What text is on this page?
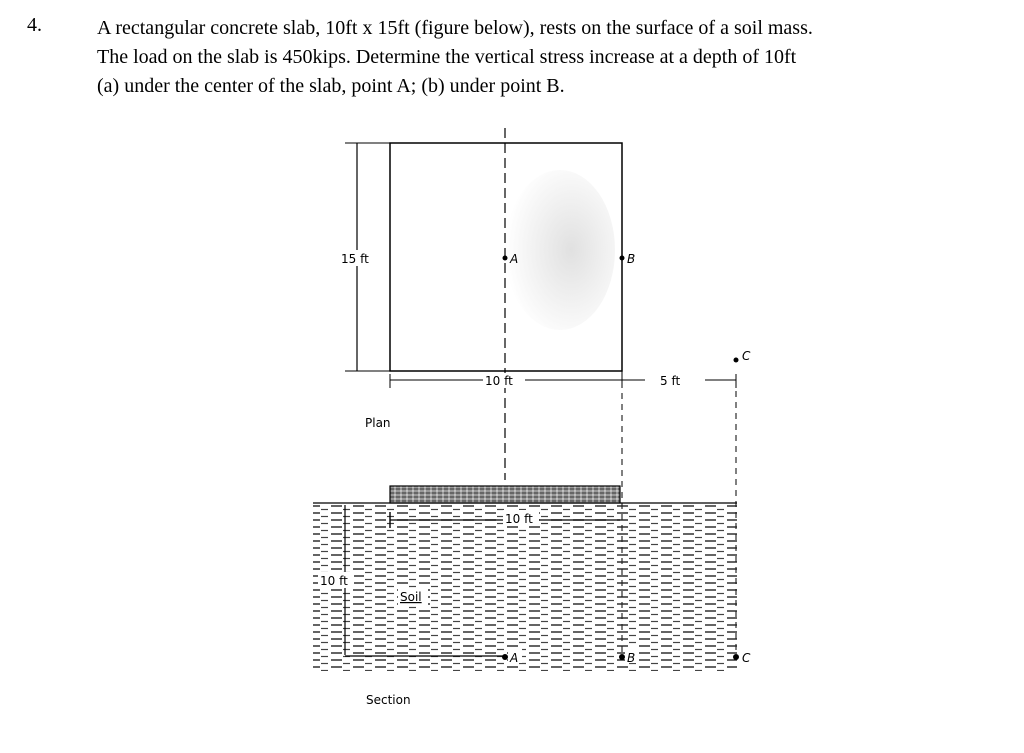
4.	A rectangular concrete slab, 10ft x 15ft (figure below), rests on the surface of a soil mass.
The load on the slab is 450kips. Determine the vertical stress increase at a depth of 10ft
(a) under the center of the slab, point A; (b) under point B.
15 ft
10 ft	5 ft
A	B
C
Plan
10 ft
10 ft
Soil
A	B	C
Section
